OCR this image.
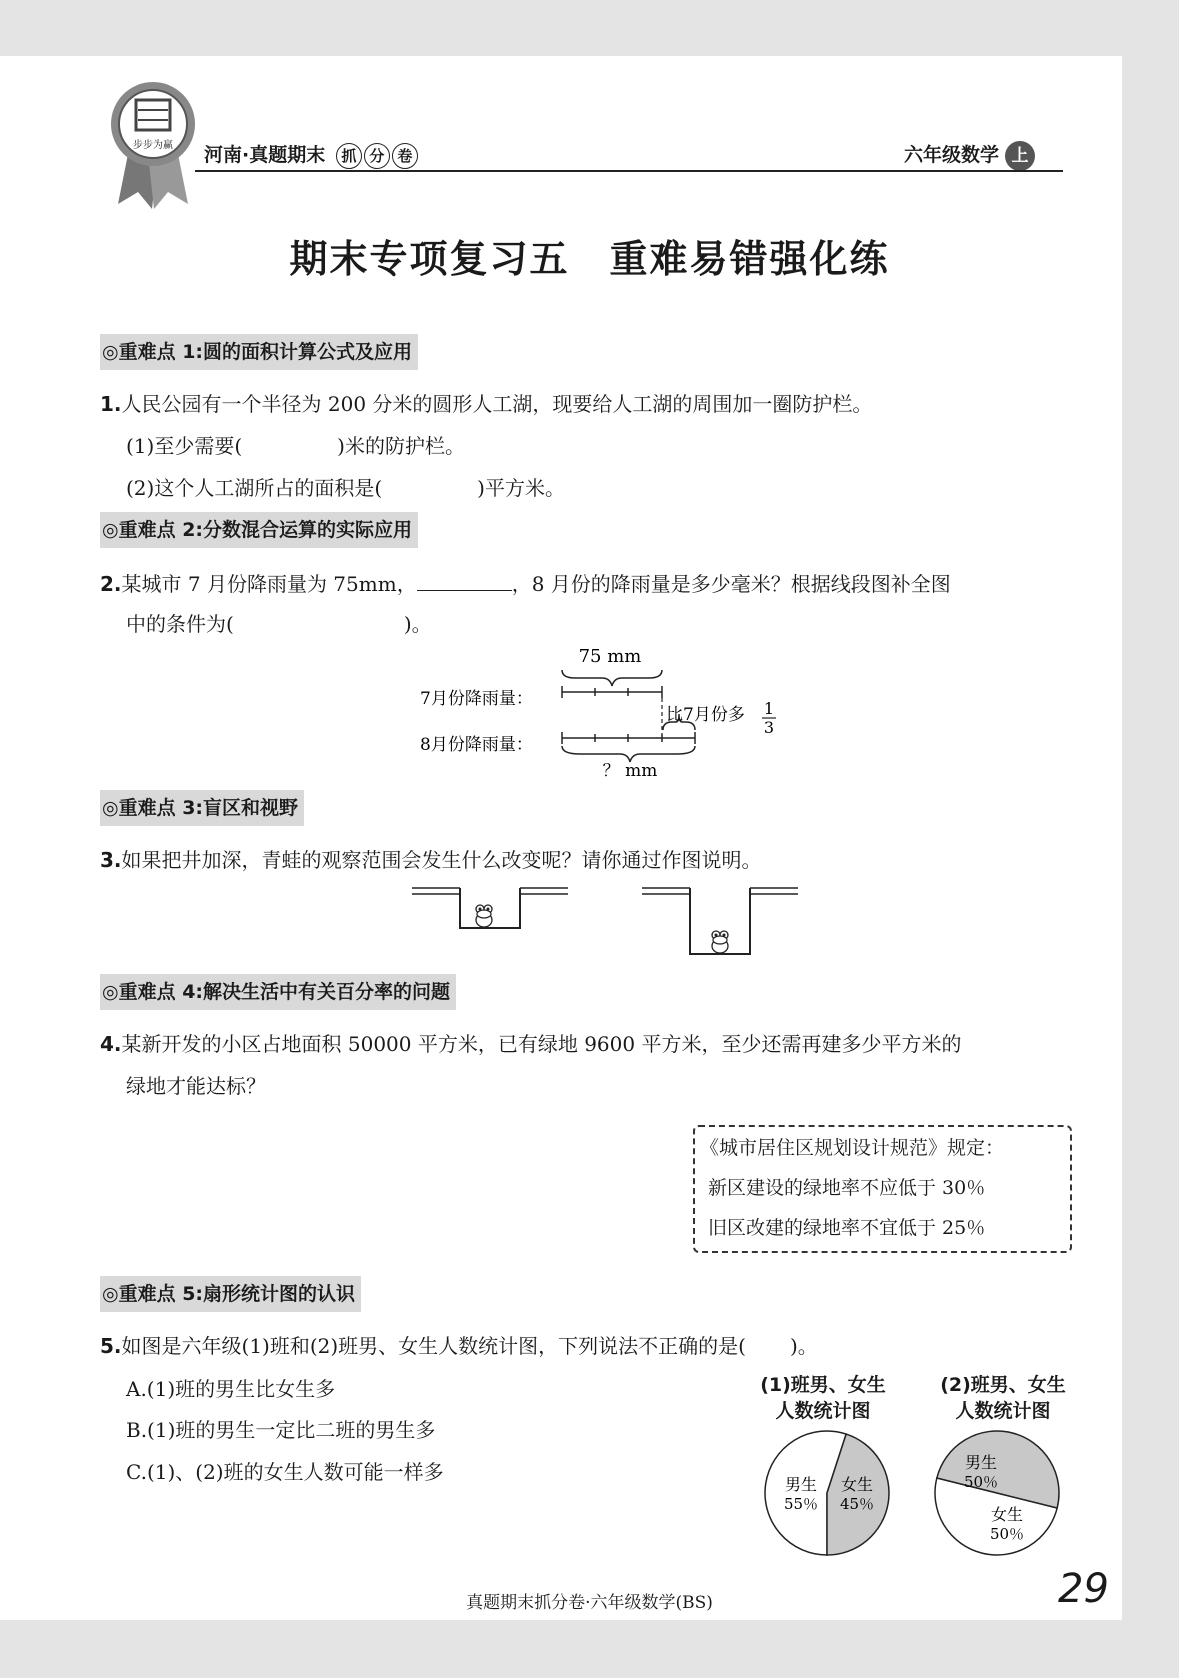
步步为赢 河南·真题期末 抓 分 卷	六年级数学 上
期末专项复习五　重难易错强化练
◎重难点 1:圆的面积计算公式及应用
1.人民公园有一个半径为 200 分米的圆形人工湖，现要给人工湖的周围加一圈防护栏。
(1)至少需要(	)米的防护栏。
(2)这个人工湖所占的面积是(	)平方米。
◎重难点 2:分数混合运算的实际应用
2.某城市 7 月份降雨量为 75mm，	，8 月份的降雨量是多少毫米？根据线段图补全图
中的条件为(	)。
75 mm
7月份降雨量：
8月份降雨量：
比7月份多 1
3
？ mm
◎重难点 3:盲区和视野
3.如果把井加深，青蛙的观察范围会发生什么改变呢？请你通过作图说明。
◎重难点 4:解决生活中有关百分率的问题
4.某新开发的小区占地面积 50000 平方米，已有绿地 9600 平方米，至少还需再建多少平方米的
绿地才能达标？
《城市居住区规划设计规范》规定：
新区建设的绿地率不应低于 30％
旧区改建的绿地率不宜低于 25％
◎重难点 5:扇形统计图的认识
5.如图是六年级(1)班和(2)班男、女生人数统计图，下列说法不正确的是( )。
A.(1)班的男生比女生多
B.(1)班的男生一定比二班的男生多
C.(1)、(2)班的女生人数可能一样多
(1)班男、女生
人数统计图
(2)班男、女生
人数统计图
男生
55％
女生
45％
男生
50％
女生
50％
真题期末抓分卷·六年级数学(BS)	29
